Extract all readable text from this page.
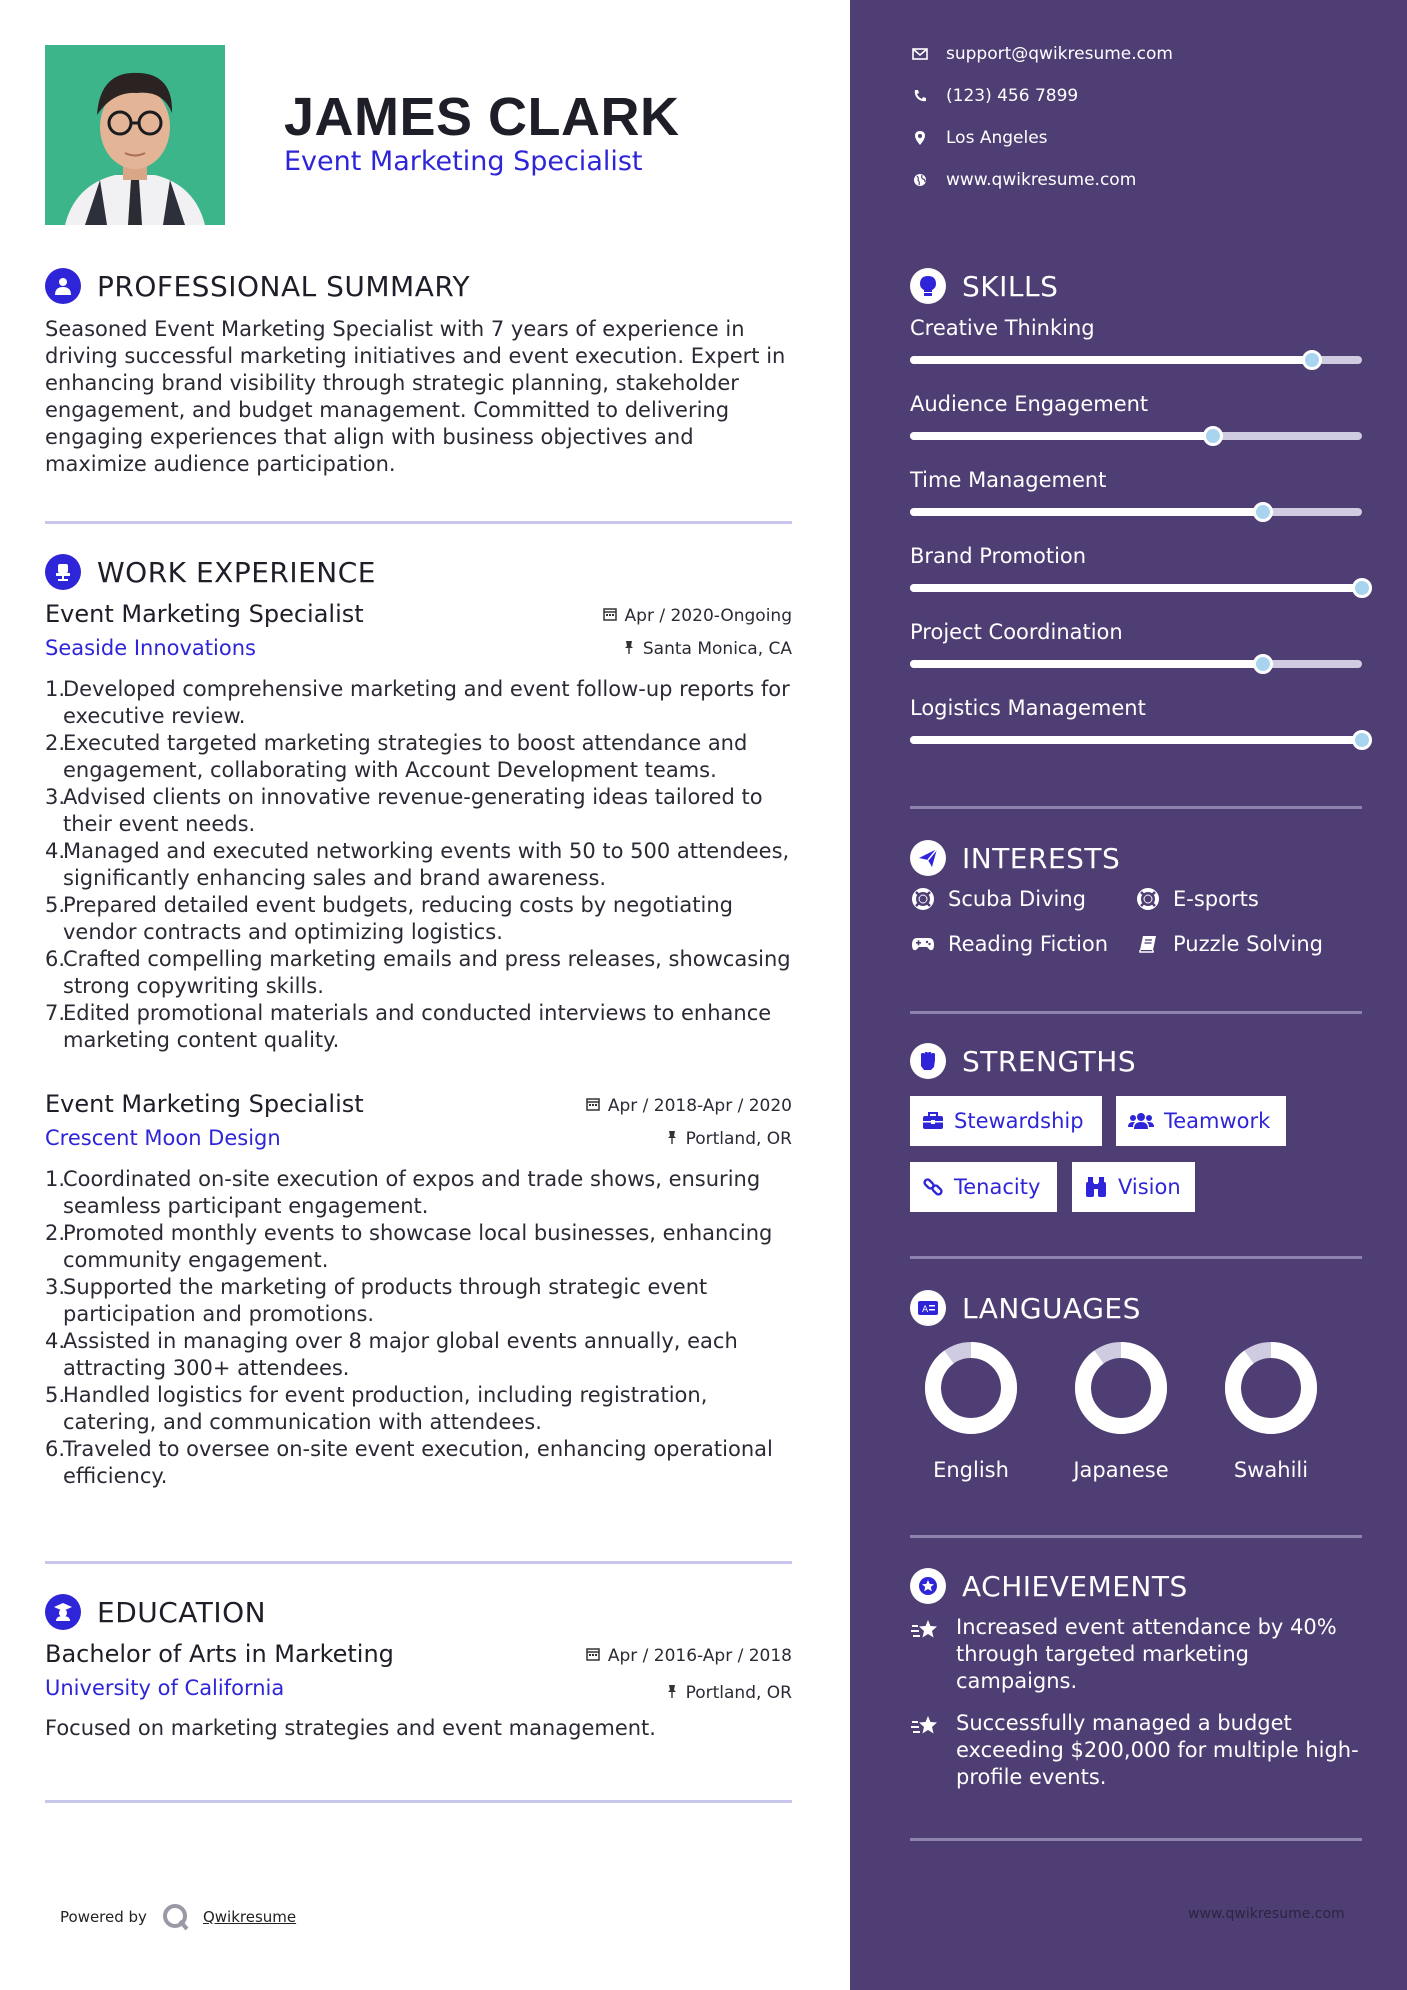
JAMES CLARK
Event Marketing Specialist
PROFESSIONAL SUMMARY
Seasoned Event Marketing Specialist with 7 years of experience in driving successful marketing initiatives and event execution. Expert in enhancing brand visibility through strategic planning, stakeholder engagement, and budget management. Committed to delivering engaging experiences that align with business objectives and maximize audience participation.
WORK EXPERIENCE
Event Marketing Specialist
Seaside Innovations
Apr / 2020-Ongoing
Santa Monica, CA
Developed comprehensive marketing and event follow-up reports for executive review.
Executed targeted marketing strategies to boost attendance and engagement, collaborating with Account Development teams.
Advised clients on innovative revenue-generating ideas tailored to their event needs.
Managed and executed networking events with 50 to 500 attendees, significantly enhancing sales and brand awareness.
Prepared detailed event budgets, reducing costs by negotiating vendor contracts and optimizing logistics.
Crafted compelling marketing emails and press releases, showcasing strong copywriting skills.
Edited promotional materials and conducted interviews to enhance marketing content quality.
Event Marketing Specialist
Crescent Moon Design
Apr / 2018-Apr / 2020
Portland, OR
Coordinated on-site execution of expos and trade shows, ensuring seamless participant engagement.
Promoted monthly events to showcase local businesses, enhancing community engagement.
Supported the marketing of products through strategic event participation and promotions.
Assisted in managing over 8 major global events annually, each attracting 300+ attendees.
Handled logistics for event production, including registration, catering, and communication with attendees.
Traveled to oversee on-site event execution, enhancing operational efficiency.
EDUCATION
Bachelor of Arts in Marketing
University of California
Apr / 2016-Apr / 2018
Portland, OR
Focused on marketing strategies and event management.
Powered by	Qwikresume
support@qwikresume.com
(123) 456 7899
Los Angeles
www.qwikresume.com
SKILLS
Creative Thinking
Audience Engagement
Time Management
Brand Promotion
Project Coordination
Logistics Management
INTERESTS
Scuba Diving	E-sports
Reading Fiction	Puzzle Solving
STRENGTHS
Stewardship	Teamwork
Tenacity	Vision
A LANGUAGES
English	Japanese	Swahili
ACHIEVEMENTS
Increased event attendance by 40% through targeted marketing campaigns.
Successfully managed a budget exceeding $200,000 for multiple high-profile events.
www.qwikresume.com
